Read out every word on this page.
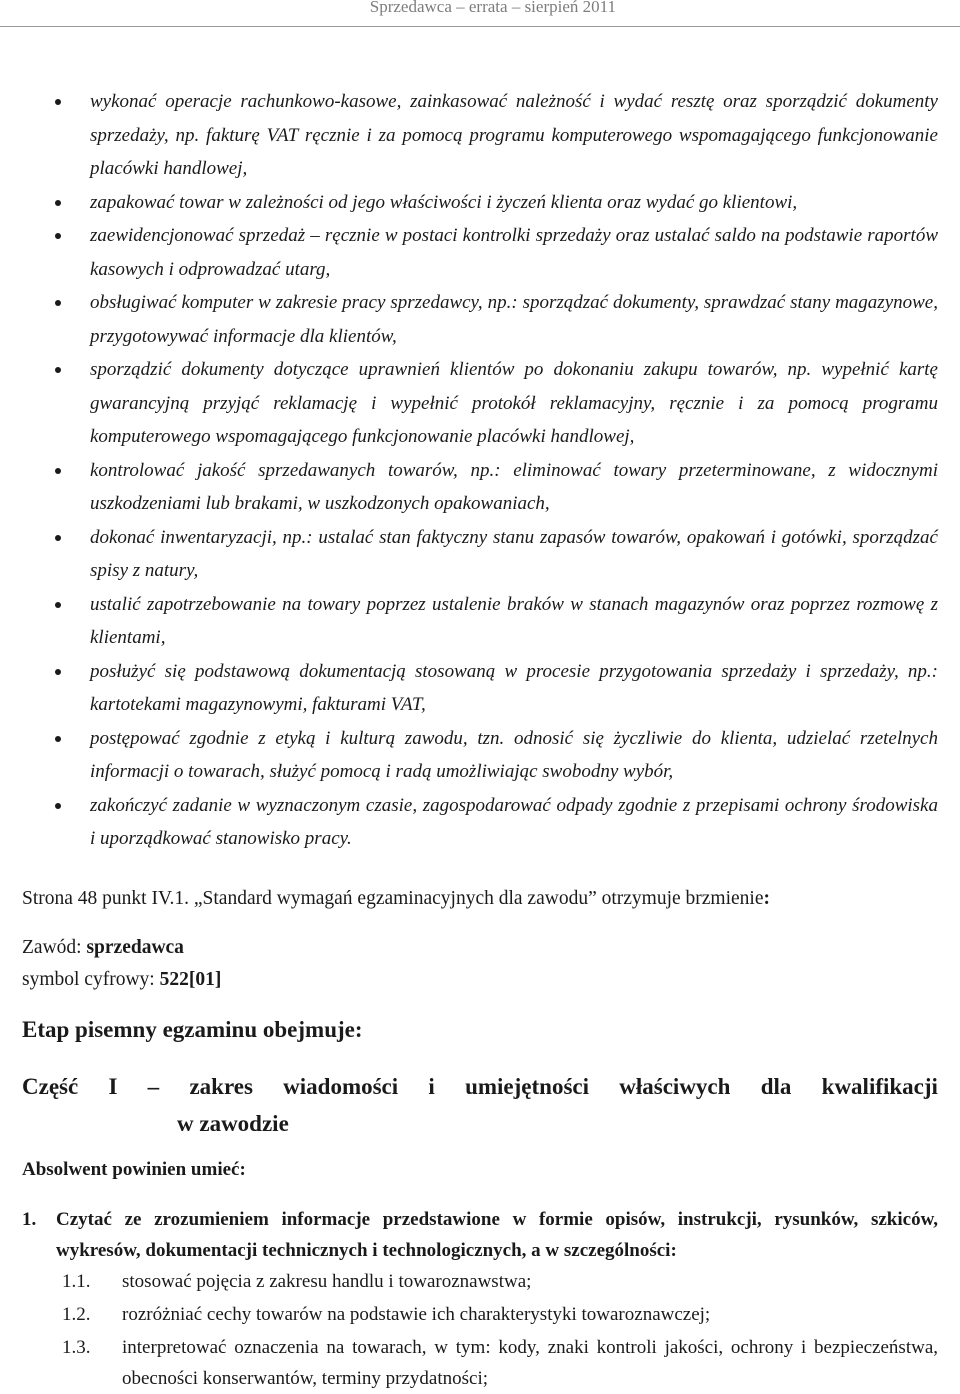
Sprzedawca – errata – sierpień 2011
wykonać operacje rachunkowo-kasowe, zainkasować należność i wydać resztę oraz sporządzić dokumenty sprzedaży, np. fakturę VAT ręcznie i za pomocą programu komputerowego wspomagającego funkcjonowanie placówki handlowej,
zapakować towar w zależności od jego właściwości i życzeń klienta oraz wydać go klientowi,
zaewidencjonować sprzedaż – ręcznie w postaci kontrolki sprzedaży oraz ustalać saldo na podstawie raportów kasowych i odprowadzać utarg,
obsługiwać komputer w zakresie pracy sprzedawcy, np.: sporządzać dokumenty, sprawdzać stany magazynowe, przygotowywać informacje dla klientów,
sporządzić dokumenty dotyczące uprawnień klientów po dokonaniu zakupu towarów, np. wypełnić kartę gwarancyjną przyjąć reklamację i wypełnić protokół reklamacyjny, ręcznie i za pomocą programu komputerowego wspomagającego funkcjonowanie placówki handlowej,
kontrolować jakość sprzedawanych towarów, np.: eliminować towary przeterminowane, z widocznymi uszkodzeniami lub brakami, w uszkodzonych opakowaniach,
dokonać inwentaryzacji, np.: ustalać stan faktyczny stanu zapasów towarów, opakowań i gotówki, sporządzać spisy z natury,
ustalić zapotrzebowanie na towary poprzez ustalenie braków w stanach magazynów oraz poprzez rozmowę z klientami,
posłużyć się podstawową dokumentacją stosowaną w procesie przygotowania sprzedaży i sprzedaży, np.: kartotekami magazynowymi, fakturami VAT,
postępować zgodnie z etyką i kulturą zawodu, tzn. odnosić się życzliwie do klienta, udzielać rzetelnych informacji o towarach, służyć pomocą i radą umożliwiając swobodny wybór,
zakończyć zadanie w wyznaczonym czasie, zagospodarować odpady zgodnie z przepisami ochrony środowiska i uporządkować stanowisko pracy.
Strona 48 punkt IV.1. „Standard wymagań egzaminacyjnych dla zawodu” otrzymuje brzmienie:
Zawód: sprzedawca
symbol cyfrowy: 522[01]
Etap pisemny egzaminu obejmuje:
Część I – zakres wiadomości i umiejętności właściwych dla kwalifikacji
w zawodzie
Absolwent powinien umieć:
1.	Czytać ze zrozumieniem informacje przedstawione w formie opisów, instrukcji, rysunków, szkiców, wykresów, dokumentacji technicznych i technologicznych, a w szczególności:
1.1.	stosować pojęcia z zakresu handlu i towaroznawstwa;
1.2.	rozróżniać cechy towarów na podstawie ich charakterystyki towaroznawczej;
1.3.	interpretować oznaczenia na towarach, w tym: kody, znaki kontroli jakości, ochrony i bezpieczeństwa, obecności konserwantów, terminy przydatności;
